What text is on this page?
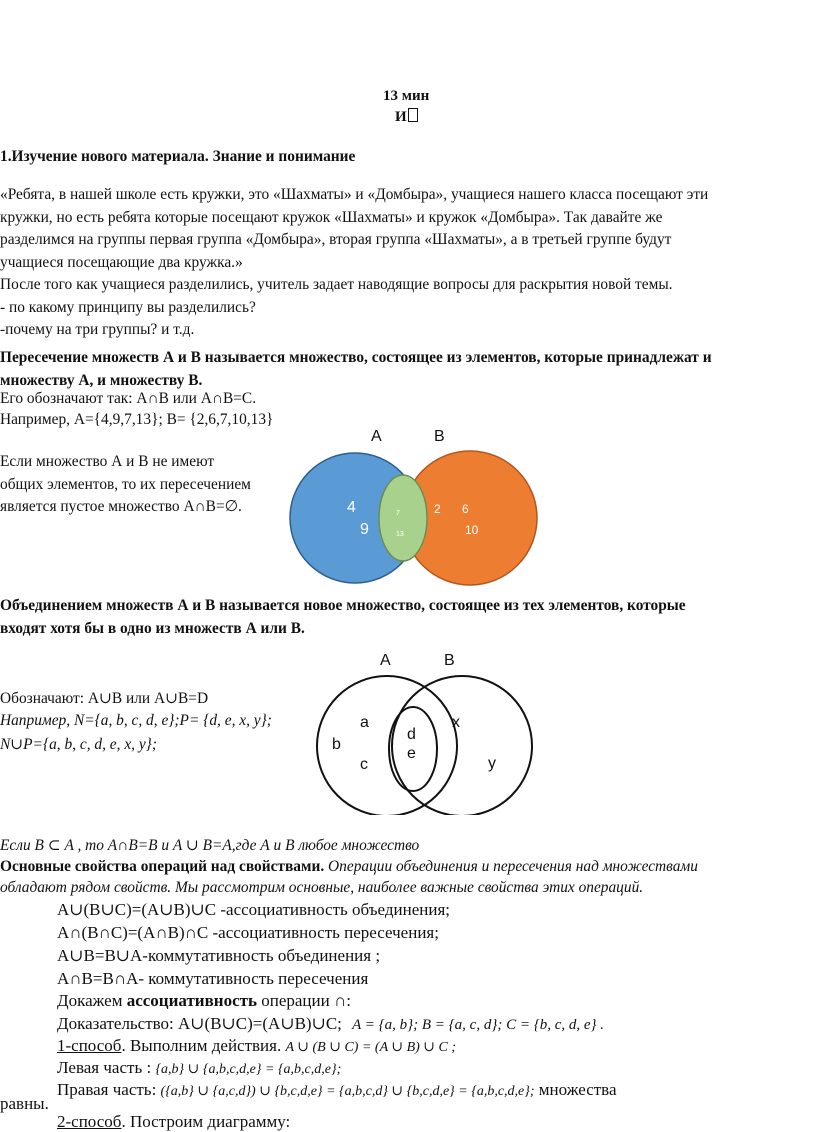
13 мин
И
1.Изучение нового материала. Знание и понимание
«Ребята, в нашей школе есть кружки, это «Шахматы» и «Домбыра», учащиеся нашего класса посещают эти
кружки, но есть ребята которые посещают кружок «Шахматы» и кружок «Домбыра». Так давайте же
разделимся на группы первая группа «Домбыра», вторая группа «Шахматы», а в третьей группе будут
учащиеся посещающие два кружка.»
После того как учащиеся разделились, учитель задает наводящие вопросы для раскрытия новой темы.
- по какому принципу вы разделились?
-почему на три группы? и т.д.
Пересечение множеств А и В называется множество, состоящее из элементов, которые принадлежат и
множеству А, и множеству В.
Его обозначают так: A∩B или A∩B=C.
Например, А={4,9,7,13}; В= {2,6,7,10,13}
Если множество А и В не имеют
общих элементов, то их пересечением
является пустое множество A∩B=∅.
A	B
4
9
7
13
2 6
10
Объединением множеств А и В называется новое множество, состоящее из тех элементов, которые
входят хотя бы в одно из множеств А или В.
Обозначают: A∪B или A∪B=D
Например, N={a, b, c, d, e};P= {d, e, x, y};
N∪P={a, b, c, d, e, x, y};
A	B
a
b
c
d
e
x
y
Если В ⊂ A , то A∩B=B и A ∪ B=A,где А и В любое множество
Основные свойства операций над свойствами. Операции объединения и пересечения над множествами
обладают рядом свойств. Мы рассмотрим основные, наиболее важные свойства этих операций.
A∪(B∪C)=(A∪B)∪C -ассоциативность объединения;
A∩(B∩C)=(A∩B)∩C -ассоциативность пересечения;
A∪B=B∪A-коммутативность объединения ;
A∩B=B∩A- коммутативность пересечения
Докажем ассоциативность операции ∩:
Доказательство: A∪(B∪C)=(A∪B)∪C; A = {a, b}; B = {a, c, d}; C = {b, c, d, e} .
1-способ. Выполним действия. A ∪ (B ∪ C) = (A ∪ B) ∪ C ;
Левая часть : {a,b} ∪ {a,b,c,d,e} = {a,b,c,d,e};
Правая часть: ({a,b} ∪ {a,c,d}) ∪ {b,c,d,e} = {a,b,c,d} ∪ {b,c,d,e} = {a,b,c,d,e}; множества
равны.
2-способ. Построим диаграмму:
